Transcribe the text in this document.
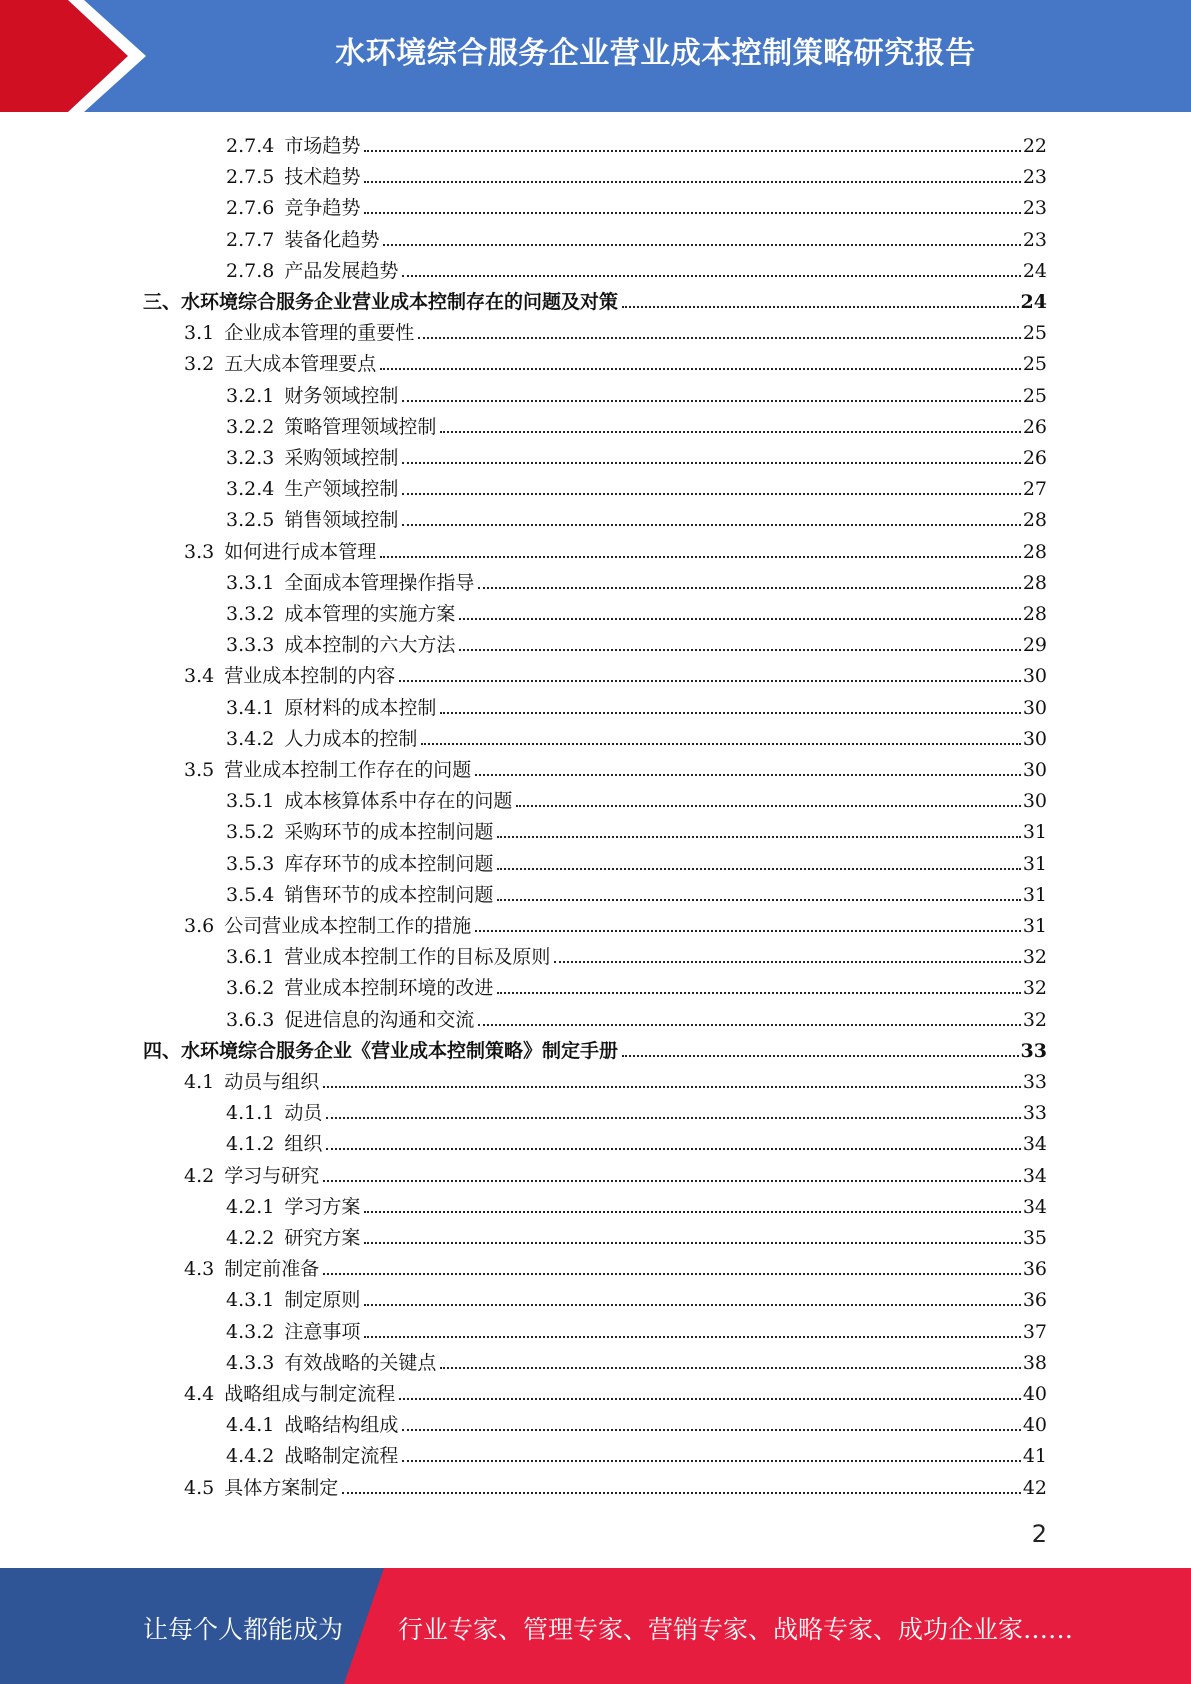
水环境综合服务企业营业成本控制策略研究报告
2.7.4 市场趋势	22
2.7.5 技术趋势	23
2.7.6 竞争趋势	23
2.7.7 装备化趋势	23
2.7.8 产品发展趋势	24
三、水环境综合服务企业营业成本控制存在的问题及对策	24
3.1 企业成本管理的重要性	25
3.2 五大成本管理要点	25
3.2.1 财务领域控制	25
3.2.2 策略管理领域控制	26
3.2.3 采购领域控制	26
3.2.4 生产领域控制	27
3.2.5 销售领域控制	28
3.3 如何进行成本管理	28
3.3.1 全面成本管理操作指导	28
3.3.2 成本管理的实施方案	28
3.3.3 成本控制的六大方法	29
3.4 营业成本控制的内容	30
3.4.1 原材料的成本控制	30
3.4.2 人力成本的控制	30
3.5 营业成本控制工作存在的问题	30
3.5.1 成本核算体系中存在的问题	30
3.5.2 采购环节的成本控制问题	31
3.5.3 库存环节的成本控制问题	31
3.5.4 销售环节的成本控制问题	31
3.6 公司营业成本控制工作的措施	31
3.6.1 营业成本控制工作的目标及原则	32
3.6.2 营业成本控制环境的改进	32
3.6.3 促进信息的沟通和交流	32
四、水环境综合服务企业《营业成本控制策略》制定手册	33
4.1 动员与组织	33
4.1.1 动员	33
4.1.2 组织	34
4.2 学习与研究	34
4.2.1 学习方案	34
4.2.2 研究方案	35
4.3 制定前准备	36
4.3.1 制定原则	36
4.3.2 注意事项	37
4.3.3 有效战略的关键点	38
4.4 战略组成与制定流程	40
4.4.1 战略结构组成	40
4.4.2 战略制定流程	41
4.5 具体方案制定	42
2
让每个人都能成为 行业专家、管理专家、营销专家、战略专家、成功企业家……
